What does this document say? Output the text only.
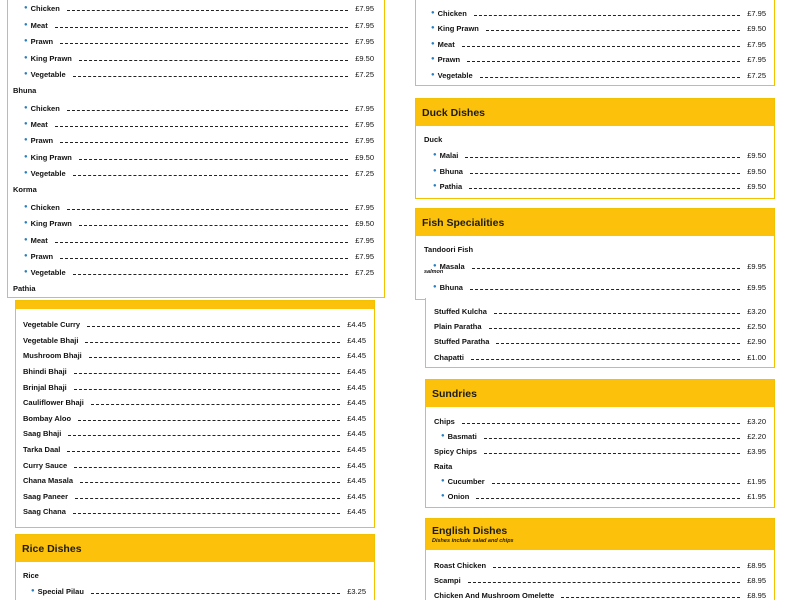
● Chicken	£7.95
● Meat	£7.95
● Prawn	£7.95
● King Prawn	£9.50
● Vegetable	£7.25
Bhuna
● Chicken	£7.95
● Meat	£7.95
● Prawn	£7.95
● King Prawn	£9.50
● Vegetable	£7.25
Korma
● Chicken	£7.95
● King Prawn	£9.50
● Meat	£7.95
● Prawn	£7.95
● Vegetable	£7.25
Pathia
Vegetable Curry	£4.45
Vegetable Bhaji	£4.45
Mushroom Bhaji	£4.45
Bhindi Bhaji	£4.45
Brinjal Bhaji	£4.45
Cauliflower Bhaji	£4.45
Bombay Aloo	£4.45
Saag Bhaji	£4.45
Tarka Daal	£4.45
Curry Sauce	£4.45
Chana Masala	£4.45
Saag Paneer	£4.45
Saag Chana	£4.45
Rice Dishes
Rice
● Special Pilau	£3.25
● Chicken	£7.95
● King Prawn	£9.50
● Meat	£7.95
● Prawn	£7.95
● Vegetable	£7.25
Duck Dishes
Duck
● Malai	£9.50
● Bhuna	£9.50
● Pathia	£9.50
Fish Specialities
Tandoori Fish
● Masala	£9.95
salmon
● Bhuna	£9.95
Stuffed Kulcha	£3.20
Plain Paratha	£2.50
Stuffed Paratha	£2.90
Chapatti	£1.00
Sundries
Chips	£3.20
● Basmati	£2.20
Spicy Chips	£3.95
Raita
● Cucumber	£1.95
● Onion	£1.95
English Dishes
Dishes include salad and chips
Roast Chicken	£8.95
Scampi	£8.95
Chicken And Mushroom Omelette	£8.95
